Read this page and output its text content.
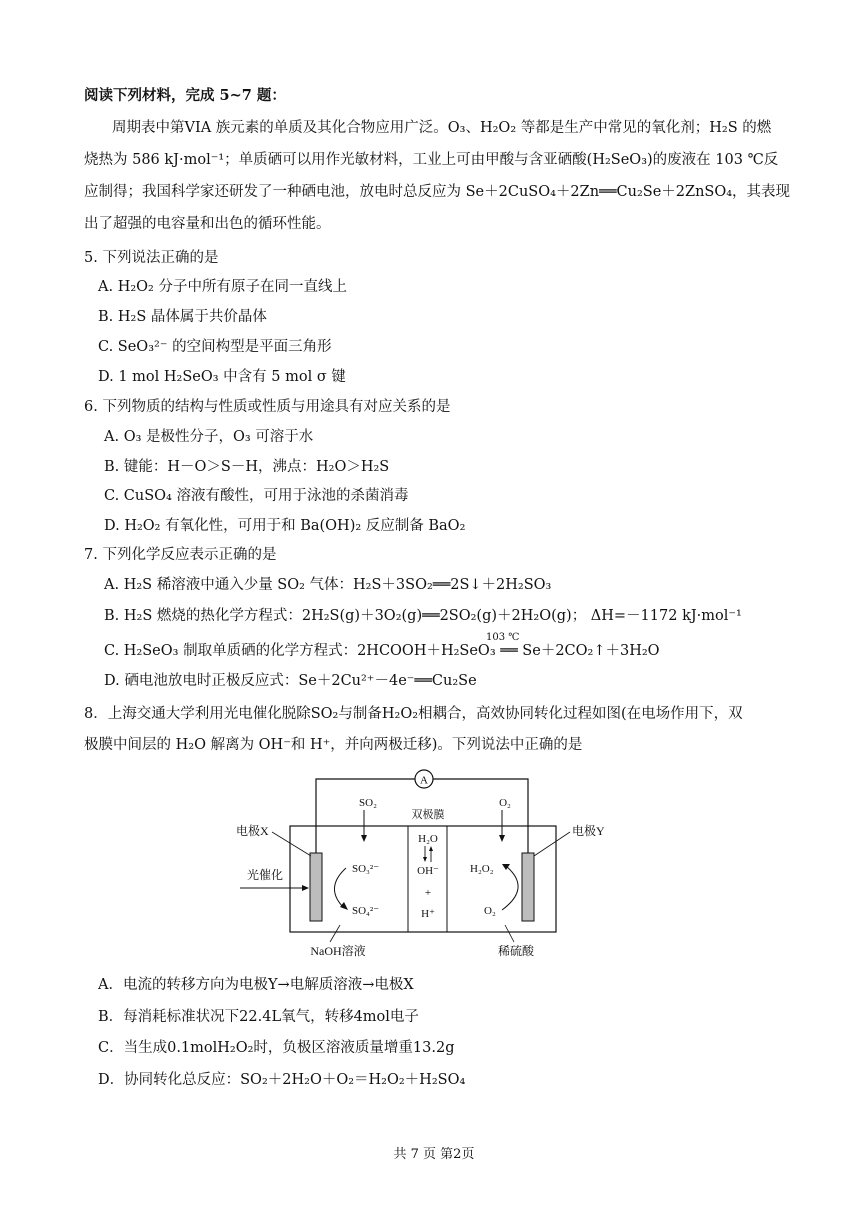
阅读下列材料，完成 5~7 题：
周期表中第VIA 族元素的单质及其化合物应用广泛。O₃、H₂O₂ 等都是生产中常见的氧化剂；H₂S 的燃
烧热为 586 kJ·mol⁻¹；单质硒可以用作光敏材料，工业上可由甲酸与含亚硒酸(H₂SeO₃)的废液在 103 ℃反
应制得；我国科学家还研发了一种硒电池，放电时总反应为 Se＋2CuSO₄＋2Zn══Cu₂Se＋2ZnSO₄，其表现
出了超强的电容量和出色的循环性能。
5. 下列说法正确的是
A. H₂O₂ 分子中所有原子在同一直线上
B. H₂S 晶体属于共价晶体
C. SeO₃²⁻ 的空间构型是平面三角形
D. 1 mol H₂SeO₃ 中含有 5 mol σ 键
6. 下列物质的结构与性质或性质与用途具有对应关系的是
A. O₃ 是极性分子，O₃ 可溶于水
B. 键能：H－O＞S－H，沸点：H₂O＞H₂S
C. CuSO₄ 溶液有酸性，可用于泳池的杀菌消毒
D. H₂O₂ 有氧化性，可用于和 Ba(OH)₂ 反应制备 BaO₂
7. 下列化学反应表示正确的是
A. H₂S 稀溶液中通入少量 SO₂ 气体：H₂S＋3SO₂══2S↓＋2H₂SO₃
B. H₂S 燃烧的热化学方程式：2H₂S(g)＋3O₂(g)══2SO₂(g)＋2H₂O(g)； ΔH=－1172 kJ·mol⁻¹
103 ℃
C. H₂SeO₃ 制取单质硒的化学方程式：2HCOOH＋H₂SeO₃ ══ Se＋2CO₂↑＋3H₂O
D. 硒电池放电时正极反应式：Se＋2Cu²⁺－4e⁻══Cu₂Se
8．上海交通大学利用光电催化脱除SO₂与制备H₂O₂相耦合，高效协同转化过程如图(在电场作用下，双
极膜中间层的 H₂O 解离为 OH⁻和 H⁺，并向两极迁移)。下列说法中正确的是
A
电极X	电极Y
光催化
SO₂	O₂
双极膜
H₂O
OH⁻
+
H⁺
SO₃²⁻
SO₄²⁻
H₂O₂
O₂
NaOH溶液	稀硫酸
A．电流的转移方向为电极Y→电解质溶液→电极X
B．每消耗标准状况下22.4L氧气，转移4mol电子
C．当生成0.1molH₂O₂时，负极区溶液质量增重13.2g
D．协同转化总反应：SO₂＋2H₂O＋O₂＝H₂O₂＋H₂SO₄
共 7 页 第2页
